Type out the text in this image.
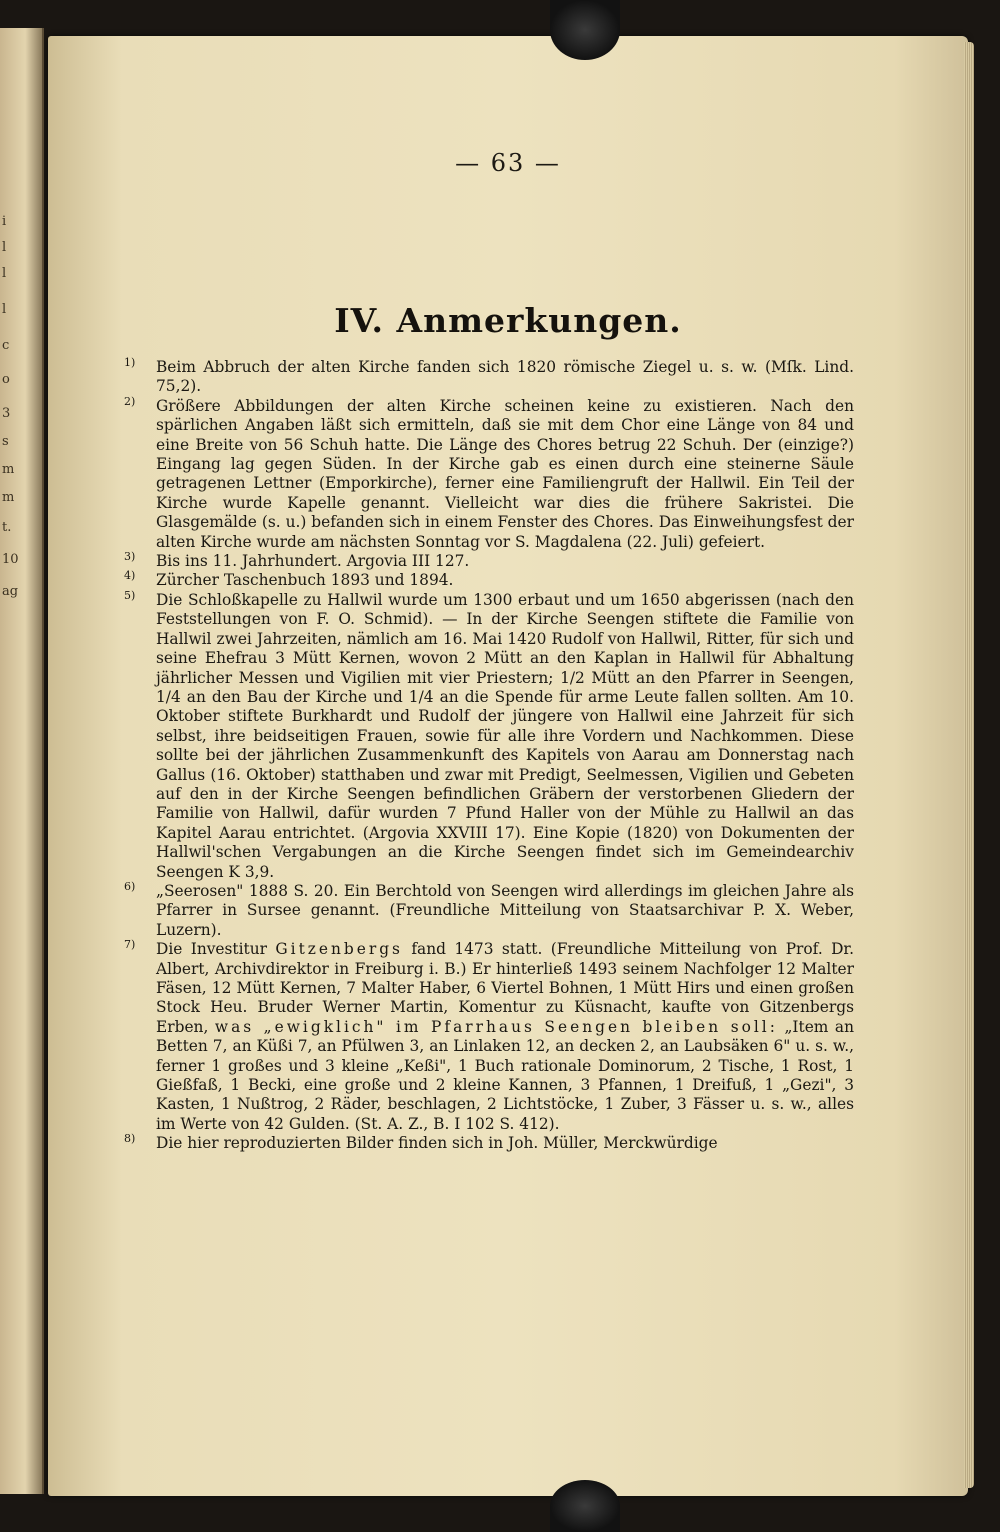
i
l
l
l
c
o
3
s
m
m
t.
10
ag
— 63 —
IV. Anmerkungen.

1) Beim Abbruch der alten Kirche fanden sich 1820 römische Ziegel u. s. w. (Mſk. Lind. 75,2).

2) Größere Abbildungen der alten Kirche scheinen keine zu existieren. Nach den spärlichen Angaben läßt sich ermitteln, daß sie mit dem Chor eine Länge von 84 und eine Breite von 56 Schuh hatte. Die Länge des Chores betrug 22 Schuh. Der (einzige?) Eingang lag gegen Süden. In der Kirche gab es einen durch eine steinerne Säule getragenen Lettner (Emporkirche), ferner eine Familiengruft der Hallwil. Ein Teil der Kirche wurde Kapelle genannt. Vielleicht war dies die frühere Sakristei. Die Glasgemälde (s. u.) befanden sich in einem Fenster des Chores. Das Einweihungsfest der alten Kirche wurde am nächsten Sonntag vor S. Magdalena (22. Juli) gefeiert.

3) Bis ins 11. Jahrhundert. Argovia III 127.

4) Zürcher Taschenbuch 1893 und 1894.

5) Die Schloßkapelle zu Hallwil wurde um 1300 erbaut und um 1650 abgerissen (nach den Feststellungen von F. O. Schmid). — In der Kirche Seengen stiftete die Familie von Hallwil zwei Jahrzeiten, nämlich am 16. Mai 1420 Rudolf von Hallwil, Ritter, für sich und seine Ehefrau 3 Mütt Kernen, wovon 2 Mütt an den Kaplan in Hallwil für Abhaltung jährlicher Messen und Vigilien mit vier Priestern; 1/2 Mütt an den Pfarrer in Seengen, 1/4 an den Bau der Kirche und 1/4 an die Spende für arme Leute fallen sollten. Am 10. Oktober stiftete Burkhardt und Rudolf der jüngere von Hallwil eine Jahrzeit für sich selbst, ihre beidseitigen Frauen, sowie für alle ihre Vordern und Nachkommen. Diese sollte bei der jährlichen Zusammenkunft des Kapitels von Aarau am Donnerstag nach Gallus (16. Oktober) statthaben und zwar mit Predigt, Seelmessen, Vigilien und Gebeten auf den in der Kirche Seengen befindlichen Gräbern der verstorbenen Gliedern der Familie von Hallwil, dafür wurden 7 Pfund Haller von der Mühle zu Hallwil an das Kapitel Aarau entrichtet. (Argovia XXVIII 17). Eine Kopie (1820) von Dokumenten der Hallwil'schen Vergabungen an die Kirche Seengen findet sich im Gemeindearchiv Seengen K 3,9.

6) „Seerosen" 1888 S. 20. Ein Berchtold von Seengen wird allerdings im gleichen Jahre als Pfarrer in Sursee genannt. (Freundliche Mitteilung von Staatsarchivar P. X. Weber, Luzern).

7) Die Investitur Gitzenbergs fand 1473 statt. (Freundliche Mitteilung von Prof. Dr. Albert, Archivdirektor in Freiburg i. B.) Er hinterließ 1493 seinem Nachfolger 12 Malter Fäsen, 12 Mütt Kernen, 7 Malter Haber, 6 Viertel Bohnen, 1 Mütt Hirs und einen großen Stock Heu. Bruder Werner Martin, Komentur zu Küsnacht, kaufte von Gitzenbergs Erben, was „ewigklich" im Pfarrhaus Seengen bleiben soll: „Item an Betten 7, an Küßi 7, an Pfülwen 3, an Linlaken 12, an decken 2, an Laubsäken 6" u. s. w., ferner 1 großes und 3 kleine „Keßi", 1 Buch rationale Dominorum, 2 Tische, 1 Rost, 1 Gießfaß, 1 Becki, eine große und 2 kleine Kannen, 3 Pfannen, 1 Dreifuß, 1 „Gezi", 3 Kasten, 1 Nußtrog, 2 Räder, beschlagen, 2 Lichtstöcke, 1 Zuber, 3 Fässer u. s. w., alles im Werte von 42 Gulden. (St. A. Z., B. I 102 S. 412).

8) Die hier reproduzierten Bilder finden sich in Joh. Müller, Merckwürdige
